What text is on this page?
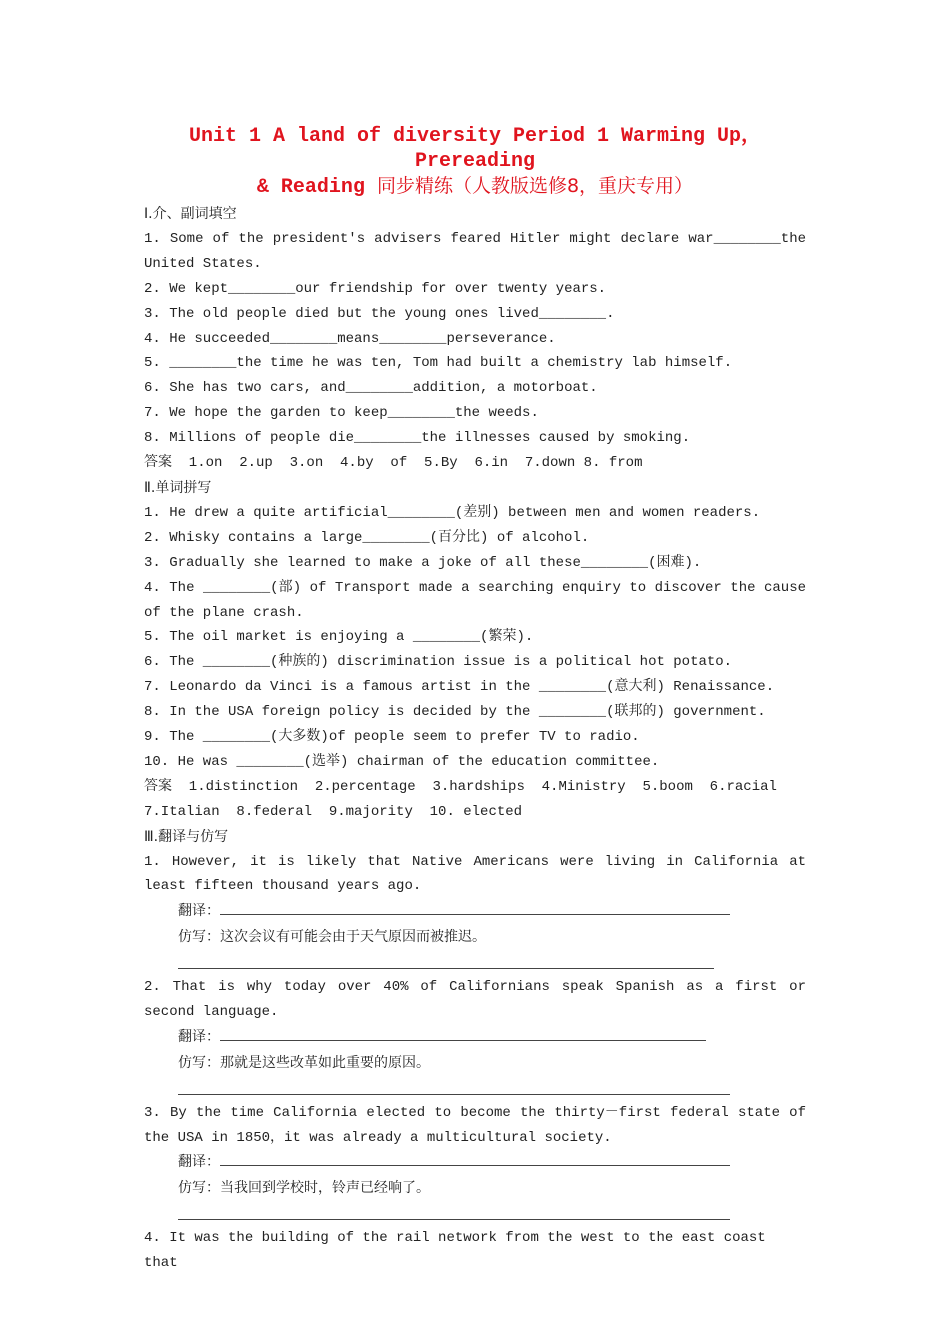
Unit 1 A land of diversity Period 1 Warming Up，Prereading
& Reading 同步精练（人教版选修8，重庆专用）
I.介、副词填空
1. Some of the president's advisers feared Hitler might declare war________the United States.
2. We kept________our friendship for over twenty years.
3. The old people died but the young ones lived________.
4. He succeeded________means________perseverance.
5. ________the time he was ten, Tom had built a chemistry lab himself.
6. She has two cars, and________addition, a motorboat.
7. We hope the garden to keep________the weeds.
8. Millions of people die________the illnesses caused by smoking.
答案  1.on  2.up  3.on  4.by  of  5.By  6.in  7.down 8. from
Ⅱ.单词拼写
1. He drew a quite artificial________(差别) between men and women readers.
2. Whisky contains a large________(百分比) of alcohol.
3. Gradually she learned to make a joke of all these________(困难).
4. The ________(部) of Transport made a searching enquiry to discover the cause of the plane crash.
5. The oil market is enjoying a ________(繁荣).
6. The ________(种族的) discrimination issue is a political hot potato.
7. Leonardo da Vinci is a famous artist in the ________(意大利) Renaissance.
8. In the USA foreign policy is decided by the ________(联邦的) government.
9. The ________(大多数)of people seem to prefer TV to radio.
10. He was ________(选举) chairman of the education committee.
答案  1.distinction  2.percentage  3.hardships  4.Ministry  5.boom  6.racial
7.Italian  8.federal  9.majority  10. elected
Ⅲ.翻译与仿写
1. However, it is likely that Native Americans were living in California at least fifteen thousand years ago.
翻译：
仿写：这次会议有可能会由于天气原因而被推迟。
2. That is why today over 40% of Californians speak Spanish as a first or second language.
翻译：
仿写：那就是这些改革如此重要的原因。
3. By the time California elected to become the thirty－first federal state of the USA in 1850，it was already a multicultural society.
翻译：
仿写：当我回到学校时，铃声已经响了。
4. It was the building of the rail network from the west to the east coast that
